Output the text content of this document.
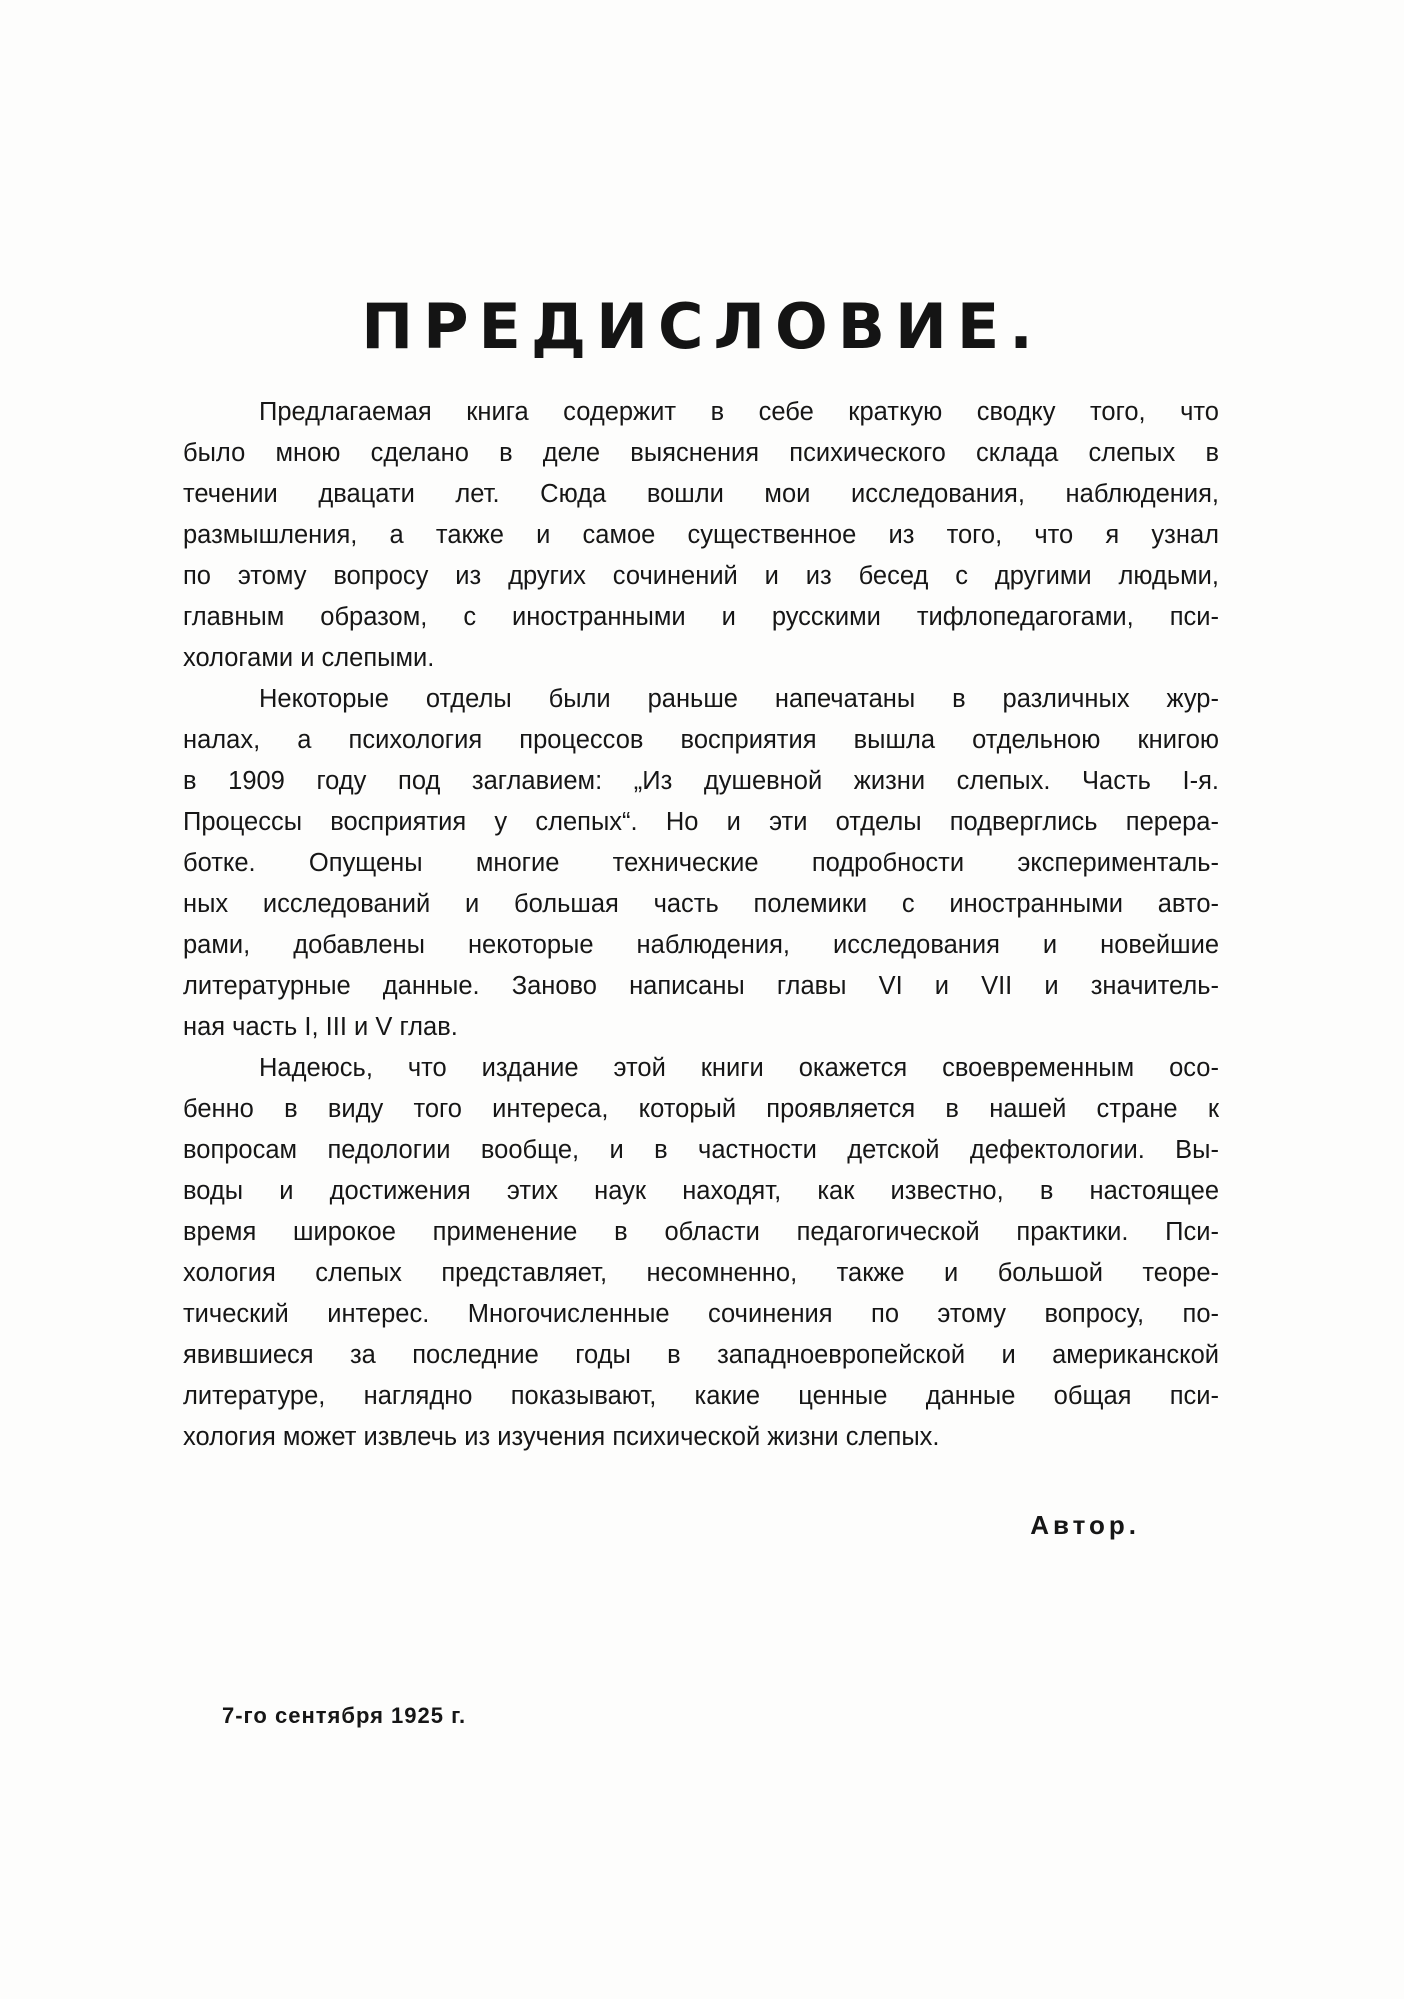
ПРЕДИСЛОВИЕ.
Предлагаемая книга содержит в себе краткую сводку того, что
было мною сделано в деле выяснения психического склада слепых в
течении двацати лет. Сюда вошли мои исследования, наблюдения,
размышления, а также и самое существенное из того, что я узнал
по этому вопросу из других сочинений и из бесед с другими людьми,
главным образом, с иностранными и русскими тифлопедагогами, пси-
хологами и слепыми.
Некоторые отделы были раньше напечатаны в различных жур-
налах, а психология процессов восприятия вышла отдельною книгою
в 1909 году под заглавием: „Из душевной жизни слепых. Часть I-я.
Процессы восприятия у слепых“. Но и эти отделы подверглись перера-
ботке. Опущены многие технические подробности эксперименталь-
ных исследований и большая часть полемики с иностранными авто-
рами, добавлены некоторые наблюдения, исследования и новейшие
литературные данные. Заново написаны главы VI и VII и значитель-
ная часть I, III и V глав.
Надеюсь, что издание этой книги окажется своевременным осо-
бенно в виду того интереса, который проявляется в нашей стране к
вопросам педологии вообще, и в частности детской дефектологии. Вы-
воды и достижения этих наук находят, как известно, в настоящее
время широкое применение в области педагогической практики. Пси-
хология слепых представляет, несомненно, также и большой теоре-
тический интерес. Многочисленные сочинения по этому вопросу, по-
явившиеся за последние годы в западноевропейской и американской
литературе, наглядно показывают, какие ценные данные общая пси-
хология может извлечь из изучения психической жизни слепых.
Автор.
7-го сентября 1925 г.
